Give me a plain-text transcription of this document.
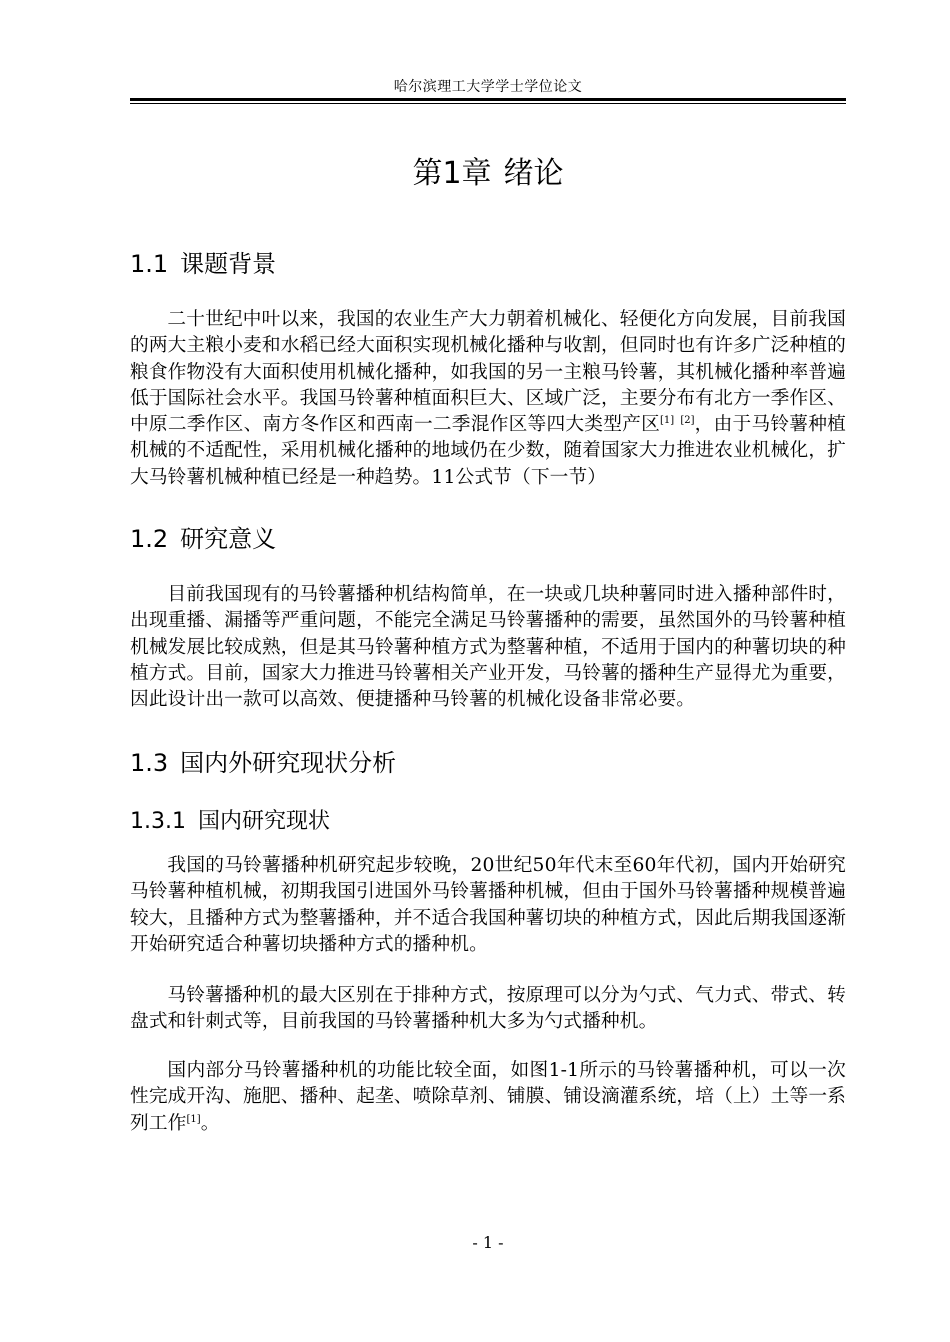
哈尔滨理工大学学士学位论文
第1章 绪论
1.1 课题背景
二十世纪中叶以来，我国的农业生产大力朝着机械化、轻便化方向发展，目前我国的两大主粮小麦和水稻已经大面积实现机械化播种与收割，但同时也有许多广泛种植的粮食作物没有大面积使用机械化播种，如我国的另一主粮马铃薯，其机械化播种率普遍低于国际社会水平。我国马铃薯种植面积巨大、区域广泛，主要分布有北方一季作区、中原二季作区、南方冬作区和西南一二季混作区等四大类型产区[1] [2]，由于马铃薯种植机械的不适配性，采用机械化播种的地域仍在少数，随着国家大力推进农业机械化，扩大马铃薯机械种植已经是一种趋势。11公式节（下一节）
1.2 研究意义
目前我国现有的马铃薯播种机结构简单，在一块或几块种薯同时进入播种部件时，出现重播、漏播等严重问题，不能完全满足马铃薯播种的需要，虽然国外的马铃薯种植机械发展比较成熟，但是其马铃薯种植方式为整薯种植，不适用于国内的种薯切块的种植方式。目前，国家大力推进马铃薯相关产业开发，马铃薯的播种生产显得尤为重要，因此设计出一款可以高效、便捷播种马铃薯的机械化设备非常必要。
1.3 国内外研究现状分析
1.3.1 国内研究现状
我国的马铃薯播种机研究起步较晚，20世纪50年代末至60年代初，国内开始研究马铃薯种植机械，初期我国引进国外马铃薯播种机械，但由于国外马铃薯播种规模普遍较大，且播种方式为整薯播种，并不适合我国种薯切块的种植方式，因此后期我国逐渐开始研究适合种薯切块播种方式的播种机。
马铃薯播种机的最大区别在于排种方式，按原理可以分为勺式、气力式、带式、转盘式和针刺式等，目前我国的马铃薯播种机大多为勺式播种机。
国内部分马铃薯播种机的功能比较全面，如图1-1所示的马铃薯播种机，可以一次性完成开沟、施肥、播种、起垄、喷除草剂、铺膜、铺设滴灌系统，培（上）土等一系列工作[1]。
- 1 -
